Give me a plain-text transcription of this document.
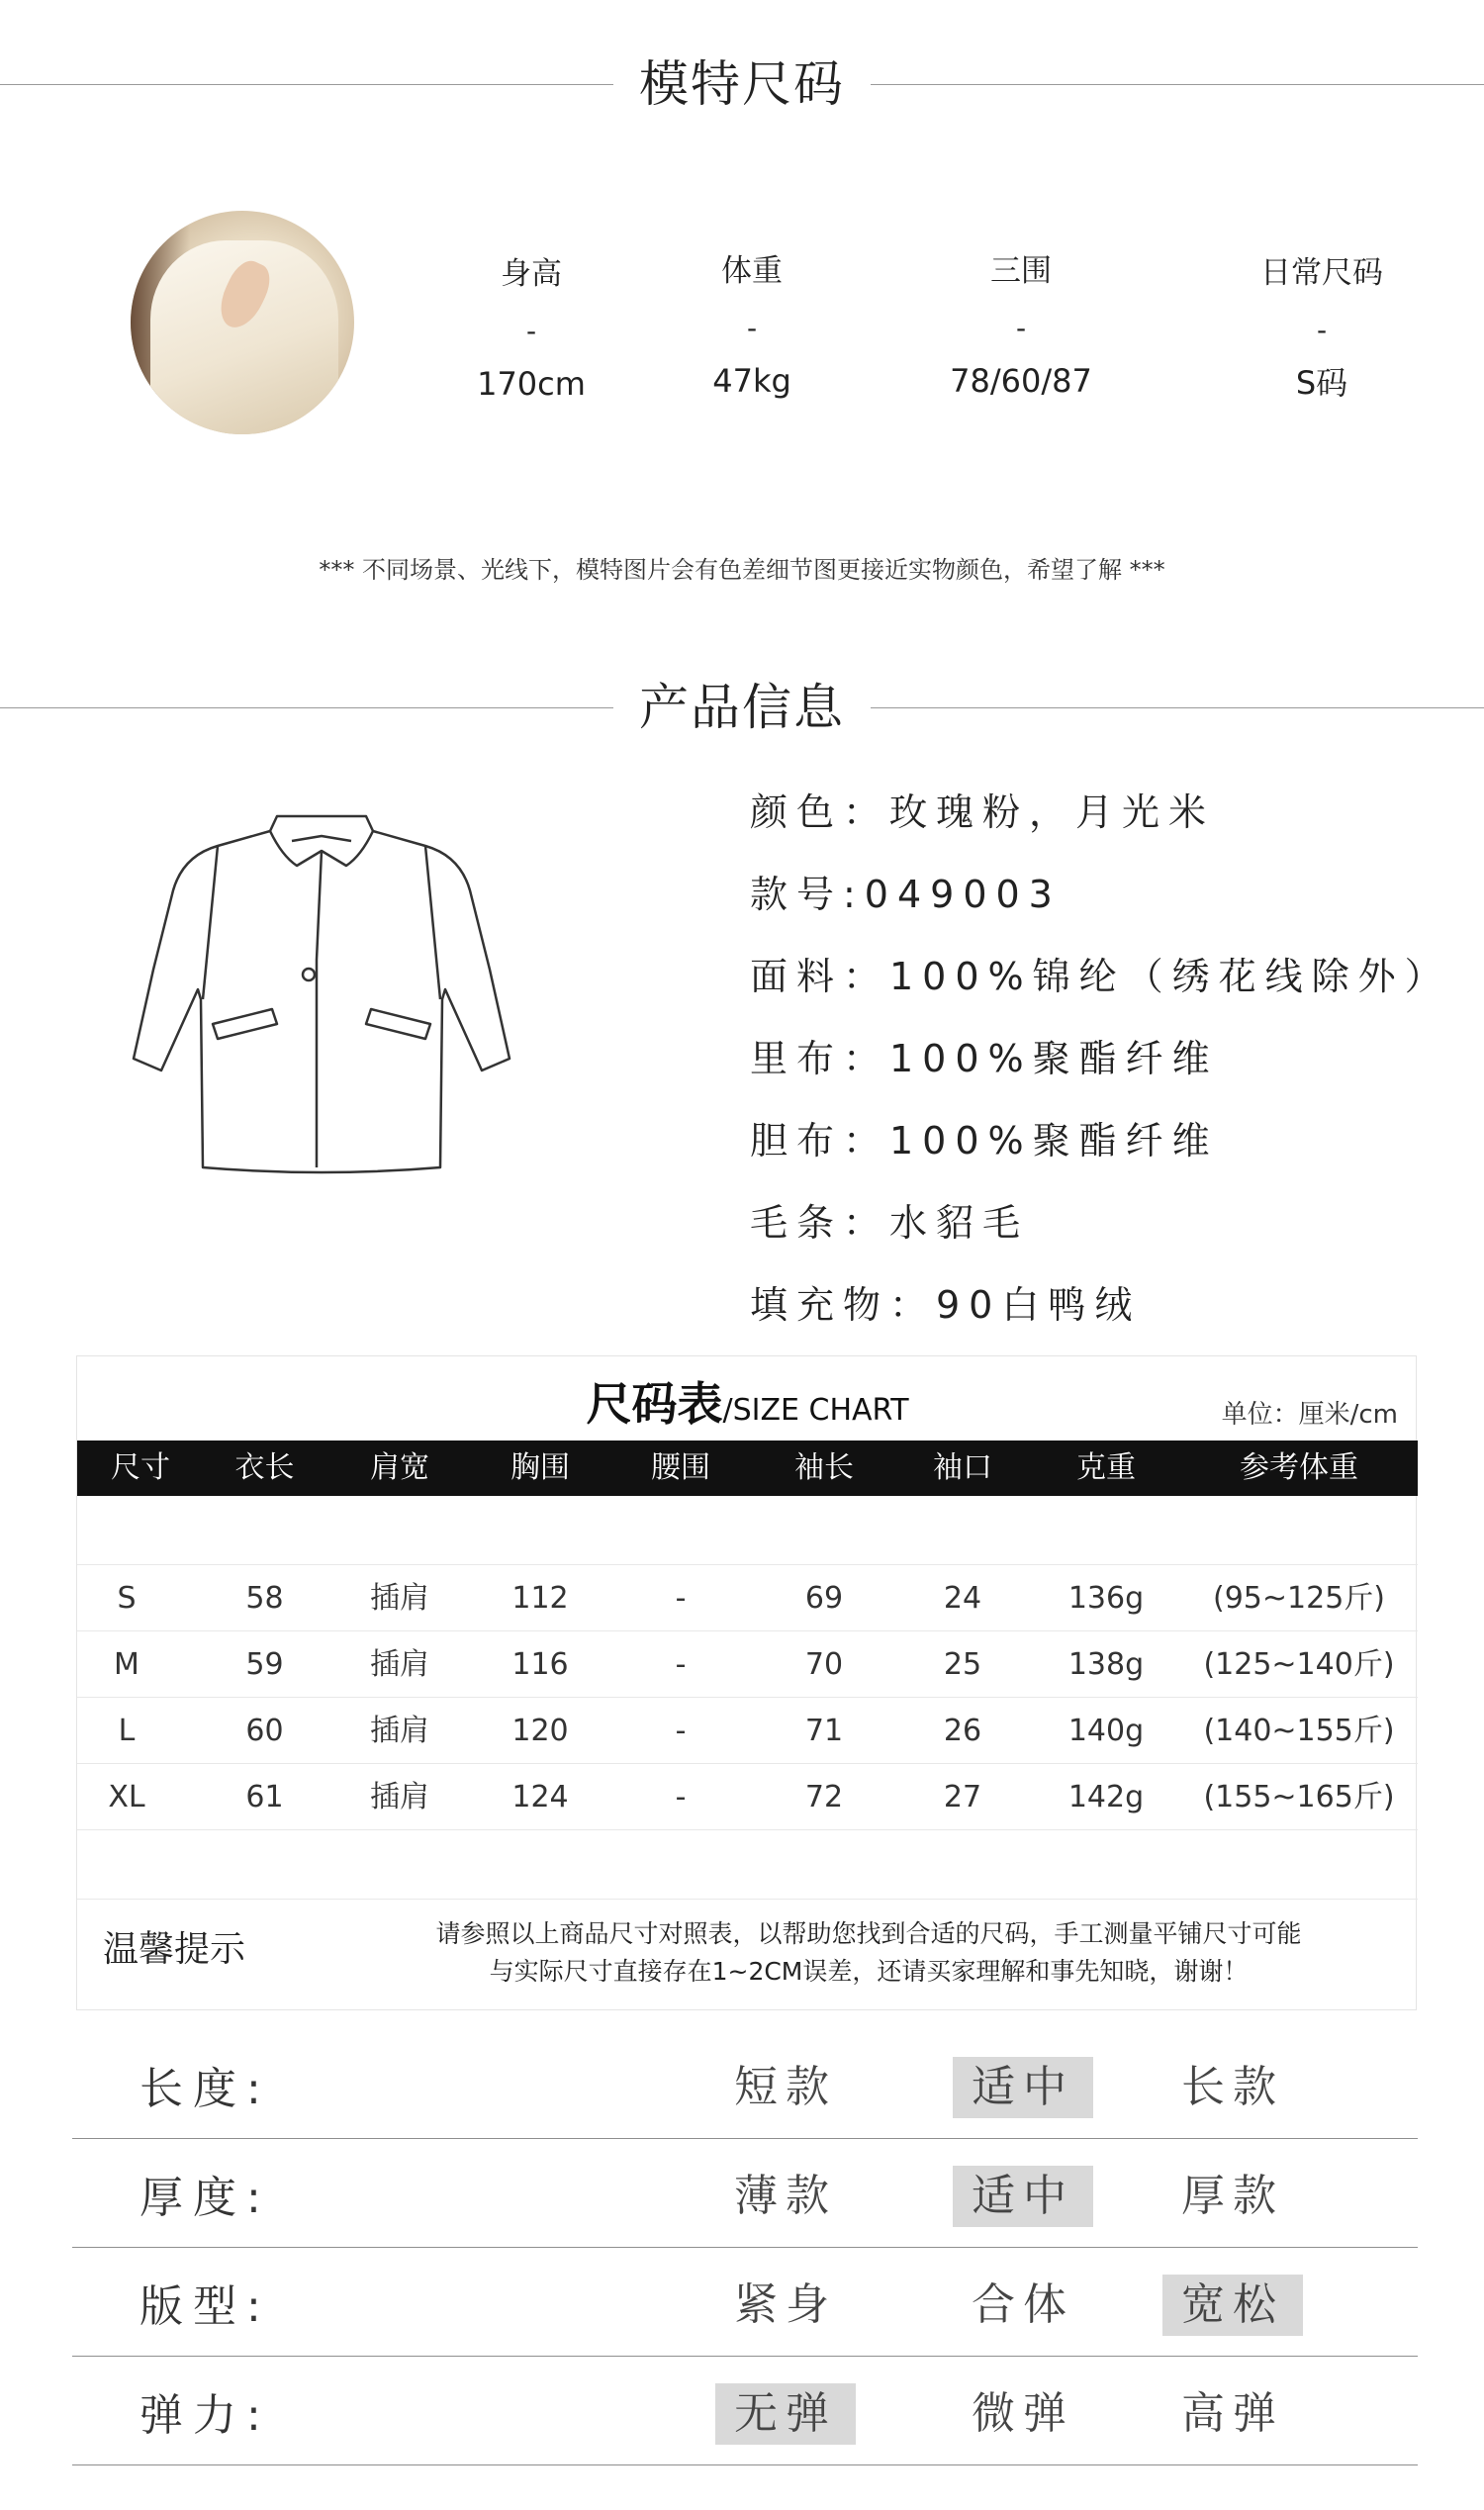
模特尺码
身高
-
170cm
体重
-
47kg
三围
-
78/60/87
日常尺码
-
S码
*** 不同场景、光线下，模特图片会有色差细节图更接近实物颜色，希望了解 ***
产品信息
颜色：玫瑰粉，月光米
款号:049003
面料：100%锦纶（绣花线除外）
里布：100%聚酯纤维
胆布：100%聚酯纤维
毛条：水貂毛
填充物：90白鸭绒
尺码表/SIZE CHART	单位：厘米/cm
尺寸	衣长	肩宽	胸围	腰围	袖长	袖口	克重	参考体重
S	58	插肩	112	-	69	24	136g	(95~125斤)
M	59	插肩	116	-	70	25	138g	(125~140斤)
L	60	插肩	120	-	71	26	140g	(140~155斤)
XL	61	插肩	124	-	72	27	142g	(155~165斤)
温馨提示	请参照以上商品尺寸对照表，以帮助您找到合适的尺码，手工测量平铺尺寸可能
与实际尺寸直接存在1~2CM误差，还请买家理解和事先知晓，谢谢！
长度:	短款	适中	长款
厚度:	薄款	适中	厚款
版型:	紧身	合体	宽松
弹力:	无弹	微弹	高弹
